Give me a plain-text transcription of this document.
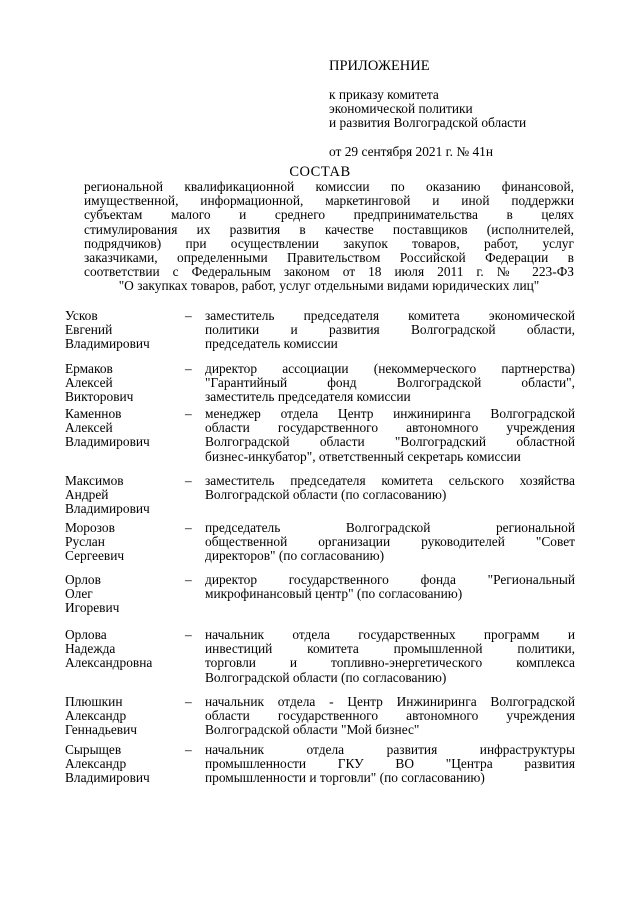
ПРИЛОЖЕНИЕ
к приказу комитета
экономической политики
и развития Волгоградской области
от 29 сентября 2021 г. № 41н
СОСТАВ
региональной квалификационной комиссии по оказанию финансовой,
имущественной, информационной, маркетинговой и иной поддержки
субъектам малого и среднего предпринимательства в целях
стимулирования их развития в качестве поставщиков (исполнителей,
подрядчиков) при осуществлении закупок товаров, работ, услуг
заказчиками, определенными Правительством Российской Федерации в
соответствии с Федеральным законом от 18 июля 2011 г. № 223-ФЗ
"О закупках товаров, работ, услуг отдельными видами юридических лиц"
Усков
Евгений
Владимирович
– заместитель председателя комитета экономической
политики и развития Волгоградской области,
председатель комиссии
Ермаков
Алексей
Викторович
– директор ассоциации (некоммерческого партнерства)
"Гарантийный фонд Волгоградской области",
заместитель председателя комиссии
Каменнов
Алексей
Владимирович
– менеджер отдела Центр инжиниринга Волгоградской
области государственного автономного учреждения
Волгоградской области "Волгоградский областной
бизнес-инкубатор", ответственный секретарь комиссии
Максимов
Андрей
Владимирович
– заместитель председателя комитета сельского хозяйства
Волгоградской области (по согласованию)
Морозов
Руслан
Сергеевич
– председатель Волгоградской региональной
общественной организации руководителей "Совет
директоров" (по согласованию)
Орлов
Олег
Игоревич
– директор государственного фонда "Региональный
микрофинансовый центр" (по согласованию)
Орлова
Надежда
Александровна
– начальник отдела государственных программ и
инвестиций комитета промышленной политики,
торговли и топливно-энергетического комплекса
Волгоградской области (по согласованию)
Плюшкин
Александр
Геннадьевич
– начальник отдела - Центр Инжиниринга Волгоградской
области государственного автономного учреждения
Волгоградской области "Мой бизнес"
Сырыщев
Александр
Владимирович
– начальник отдела развития инфраструктуры
промышленности ГКУ ВО "Центра развития
промышленности и торговли" (по согласованию)
